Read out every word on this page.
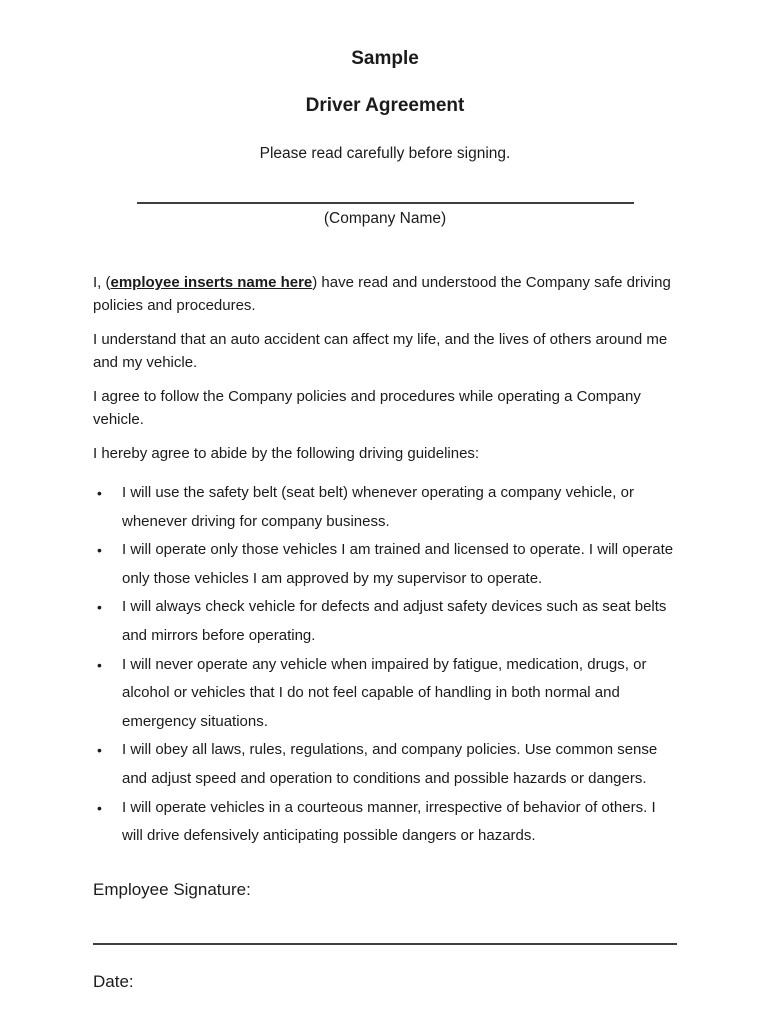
Sample
Driver Agreement

Please read carefully before signing.

(Company Name)

I, (employee inserts name here) have read and understood the Company safe driving policies and procedures.

I understand that an auto accident can affect my life, and the lives of others around me and my vehicle.

I agree to follow the Company policies and procedures while operating a Company vehicle.

I hereby agree to abide by the following driving guidelines:

•	I will use the safety belt (seat belt) whenever operating a company vehicle, or whenever driving for company business.
•	I will operate only those vehicles I am trained and licensed to operate. I will operate only those vehicles I am approved by my supervisor to operate.
•	I will always check vehicle for defects and adjust safety devices such as seat belts and mirrors before operating.
•	I will never operate any vehicle when impaired by fatigue, medication, drugs, or alcohol or vehicles that I do not feel capable of handling in both normal and emergency situations.
•	I will obey all laws, rules, regulations, and company policies. Use common sense and adjust speed and operation to conditions and possible hazards or dangers.
•	I will operate vehicles in a courteous manner, irrespective of behavior of others. I will drive defensively anticipating possible dangers or hazards.

Employee Signature:

Date:
